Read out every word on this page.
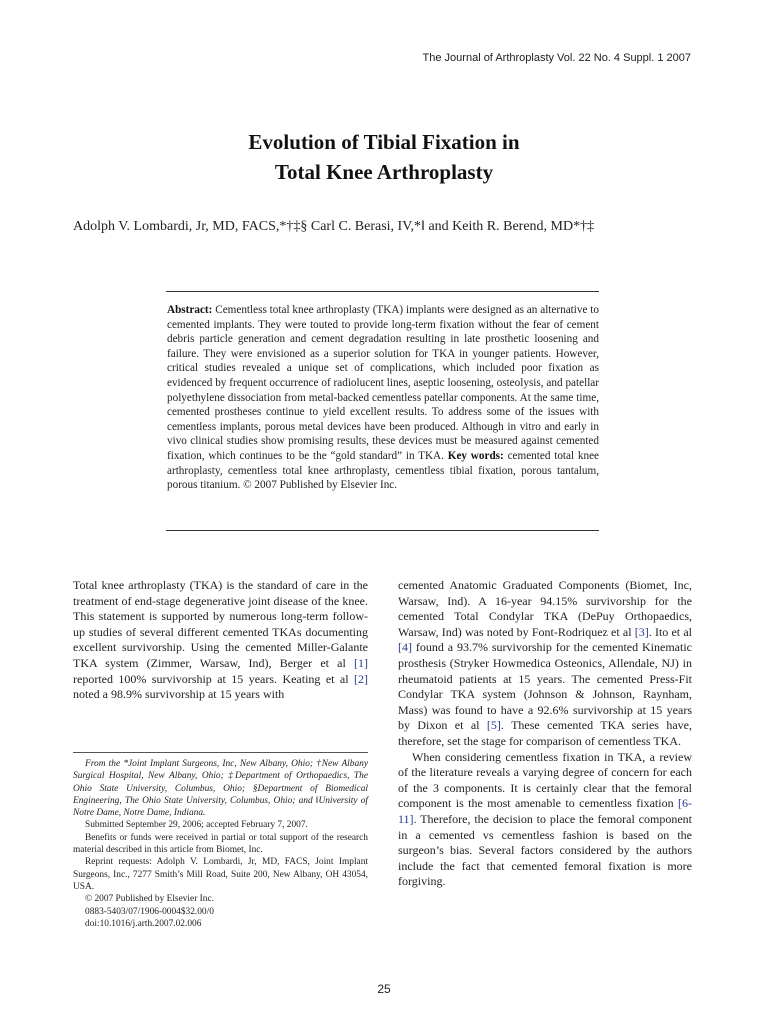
The Journal of Arthroplasty Vol. 22 No. 4 Suppl. 1 2007
Evolution of Tibial Fixation in
Total Knee Arthroplasty
Adolph V. Lombardi, Jr, MD, FACS,*†‡§ Carl C. Berasi, IV,*‖ and Keith R. Berend, MD*†‡
Abstract: Cementless total knee arthroplasty (TKA) implants were designed as an alternative to cemented implants. They were touted to provide long-term fixation without the fear of cement debris particle generation and cement degradation resulting in late prosthetic loosening and failure. They were envisioned as a superior solution for TKA in younger patients. However, critical studies revealed a unique set of complications, which included poor fixation as evidenced by frequent occurrence of radiolucent lines, aseptic loosening, osteolysis, and patellar polyethylene dissociation from metal-backed cementless patellar components. At the same time, cemented prostheses continue to yield excellent results. To address some of the issues with cementless implants, porous metal devices have been produced. Although in vitro and early in vivo clinical studies show promising results, these devices must be measured against cemented fixation, which continues to be the “gold standard” in TKA. Key words: cemented total knee arthroplasty, cementless total knee arthroplasty, cementless tibial fixation, porous tantalum, porous titanium. © 2007 Published by Elsevier Inc.

Total knee arthroplasty (TKA) is the standard of care in the treatment of end-stage degenerative joint disease of the knee. This statement is supported by numerous long-term follow-up studies of several different cemented TKAs documenting excellent survivorship. Using the cemented Miller-Galante TKA system (Zimmer, Warsaw, Ind), Berger et al [1] reported 100% survivorship at 15 years. Keating et al [2] noted a 98.9% survivorship at 15 years with

From the *Joint Implant Surgeons, Inc, New Albany, Ohio; †New Albany Surgical Hospital, New Albany, Ohio; ‡Department of Orthopaedics, The Ohio State University, Columbus, Ohio; §Department of Biomedical Engineering, The Ohio State University, Columbus, Ohio; and ‖University of Notre Dame, Notre Dame, Indiana.

Submitted September 29, 2006; accepted February 7, 2007.

Benefits or funds were received in partial or total support of the research material described in this article from Biomet, Inc.

Reprint requests: Adolph V. Lombardi, Jr, MD, FACS, Joint Implant Surgeons, Inc., 7277 Smith’s Mill Road, Suite 200, New Albany, OH 43054, USA.

© 2007 Published by Elsevier Inc.

0883-5403/07/1906-0004$32.00/0

doi:10.1016/j.arth.2007.02.006

cemented Anatomic Graduated Components (Biomet, Inc, Warsaw, Ind). A 16-year 94.15% survivorship for the cemented Total Condylar TKA (DePuy Orthopaedics, Warsaw, Ind) was noted by Font-Rodriquez et al [3]. Ito et al [4] found a 93.7% survivorship for the cemented Kinematic prosthesis (Stryker Howmedica Osteonics, Allendale, NJ) in rheumatoid patients at 15 years. The cemented Press-Fit Condylar TKA system (Johnson & Johnson, Raynham, Mass) was found to have a 92.6% survivorship at 15 years by Dixon et al [5]. These cemented TKA series have, therefore, set the stage for comparison of cementless TKA.

When considering cementless fixation in TKA, a review of the literature reveals a varying degree of concern for each of the 3 components. It is certainly clear that the femoral component is the most amenable to cementless fixation [6-11]. Therefore, the decision to place the femoral component in a cemented vs cementless fashion is based on the surgeon’s bias. Several factors considered by the authors include the fact that cemented femoral fixation is more forgiving.

25
